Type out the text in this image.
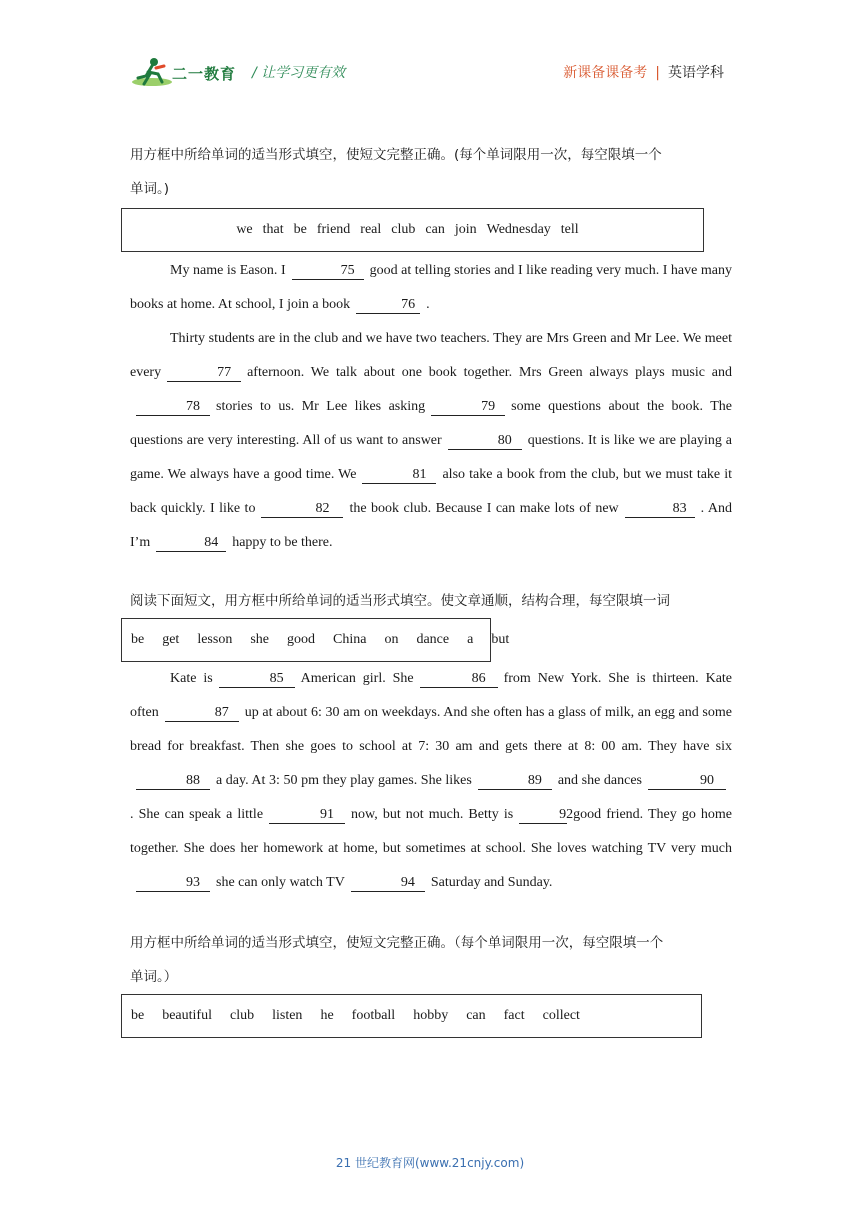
二一教育 / 让学习更有效	新课备课备考 | 英语学科

用方框中所给单词的适当形式填空，使短文完整正确。(每个单词限用一次，每空限填一个
单词。)

we that be friend real club can join Wednesday tell

My name is Eason. I	75 good at telling stories and I like reading very much. I have many books at home. At school, I join a book	76 .

Thirty students are in the club and we have two teachers. They are Mrs Green and Mr Lee. We meet every	77 afternoon. We talk about one book together. Mrs Green always plays music and78 stories to us. Mr Lee likes asking	79 some questions about the book. The questions are very interesting. All of us want to answer	80 questions. It is like we are playing a game. We always have a good time. We	81 also take a book from the club, but we must take it back quickly. I like to	82 the book club. Because I can make lots of new	83 . And I’m	84 happy to be there.

阅读下面短文，用方框中所给单词的适当形式填空。使文章通顺，结构合理，每空限填一词

be get lesson she good China on dance a but

Kate is	85 American girl. She	86 from New York. She is thirteen. Kate often	87 up at about 6: 30 am on weekdays. And she often has a glass of milk, an egg and some bread for breakfast. Then she goes to school at 7: 30 am and gets there at 8: 00 am. They have six88 a day. At 3: 50 pm they play games. She likes	89 and she dances	90. She can speak a little	91 now, but not much. Betty is	92good friend. They go home together. She does her homework at home, but sometimes at school. She loves watching TV very much93 she can only watch TV	94 Saturday and Sunday.

用方框中所给单词的适当形式填空，使短文完整正确。（每个单词限用一次，每空限填一个
单词。）

be beautiful club listen he football hobby can fact collect
21 世纪教育网(www.21cnjy.com)
